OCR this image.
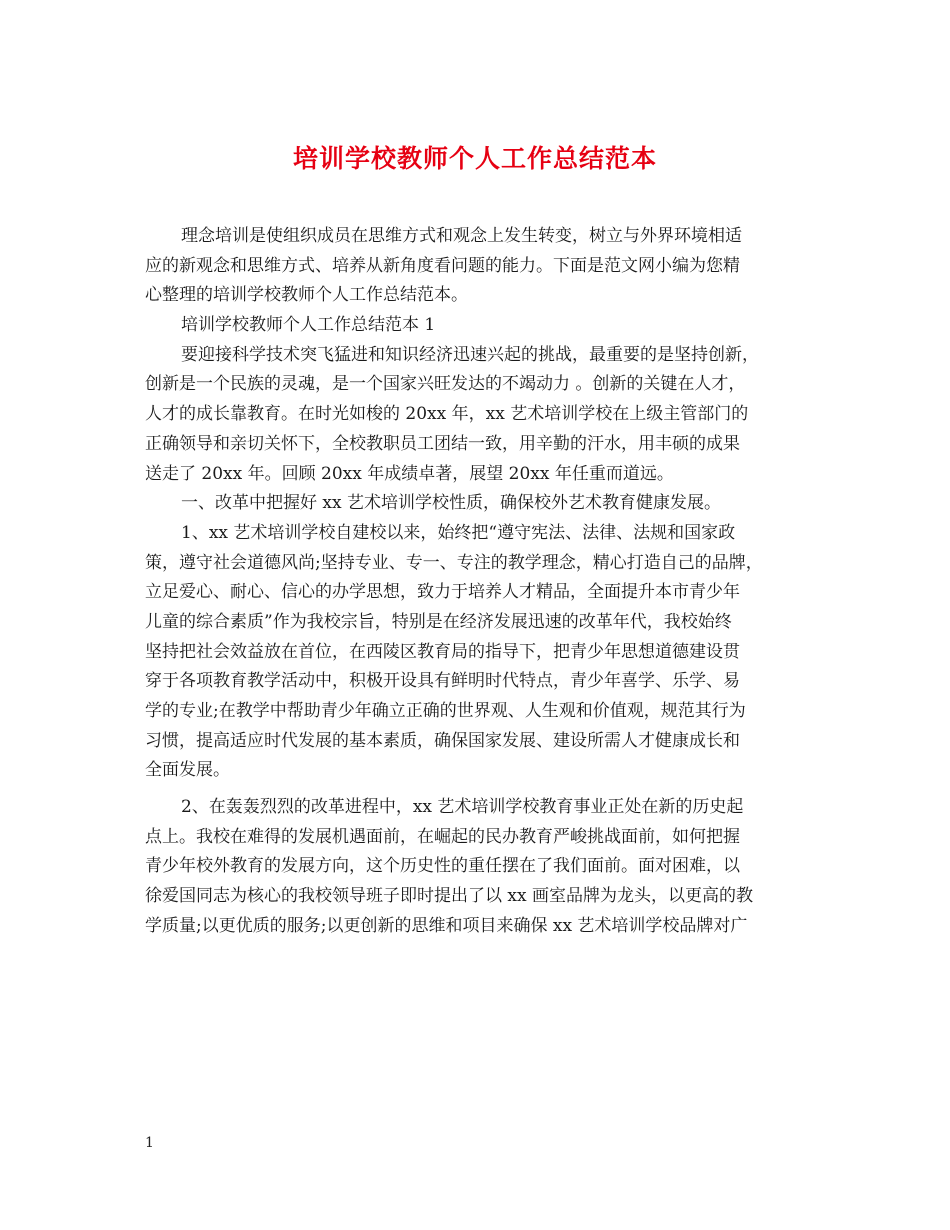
培训学校教师个人工作总结范本
理念培训是使组织成员在思维方式和观念上发生转变，树立与外界环境相适
应的新观念和思维方式、培养从新角度看问题的能力。下面是范文网小编为您精
心整理的培训学校教师个人工作总结范本。
培训学校教师个人工作总结范本 1
要迎接科学技术突飞猛进和知识经济迅速兴起的挑战，最重要的是坚持创新，
创新是一个民族的灵魂，是一个国家兴旺发达的不竭动力 。创新的关键在人才，
人才的成长靠教育。在时光如梭的 20xx 年，xx 艺术培训学校在上级主管部门的
正确领导和亲切关怀下，全校教职员工团结一致，用辛勤的汗水，用丰硕的成果
送走了 20xx 年。回顾 20xx 年成绩卓著，展望 20xx 年任重而道远。
一、改革中把握好 xx 艺术培训学校性质，确保校外艺术教育健康发展。
1、xx 艺术培训学校自建校以来，始终把“遵守宪法、法律、法规和国家政
策，遵守社会道德风尚;坚持专业、专一、专注的教学理念，精心打造自己的品牌，
立足爱心、耐心、信心的办学思想，致力于培养人才精品，全面提升本市青少年
儿童的综合素质”作为我校宗旨，特别是在经济发展迅速的改革年代，我校始终
坚持把社会效益放在首位，在西陵区教育局的指导下，把青少年思想道德建设贯
穿于各项教育教学活动中，积极开设具有鲜明时代特点，青少年喜学、乐学、易
学的专业;在教学中帮助青少年确立正确的世界观、人生观和价值观，规范其行为
习惯，提高适应时代发展的基本素质，确保国家发展、建设所需人才健康成长和
全面发展。
2、在轰轰烈烈的改革进程中，xx 艺术培训学校教育事业正处在新的历史起
点上。我校在难得的发展机遇面前，在崛起的民办教育严峻挑战面前，如何把握
青少年校外教育的发展方向，这个历史性的重任摆在了我们面前。面对困难，以
徐爱国同志为核心的我校领导班子即时提出了以 xx 画室品牌为龙头，以更高的教
学质量;以更优质的服务;以更创新的思维和项目来确保 xx 艺术培训学校品牌对广
1
